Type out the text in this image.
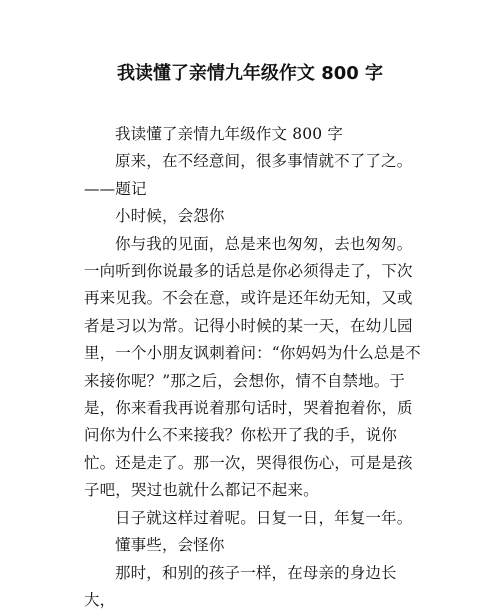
我读懂了亲情九年级作文 800 字

我读懂了亲情九年级作文 800 字

原来，在不经意间，很多事情就不了了之。——题记

小时候，会怨你

你与我的见面，总是来也匆匆，去也匆匆。一向听到你说最多的话总是你必须得走了，下次再来见我。不会在意，或许是还年幼无知，又或者是习以为常。记得小时候的某一天，在幼儿园里，一个小朋友讽刺着问：“你妈妈为什么总是不来接你呢？”那之后，会想你，情不自禁地。于是，你来看我再说着那句话时，哭着抱着你，质问你为什么不来接我？你松开了我的手，说你忙。还是走了。那一次，哭得很伤心，可是是孩子吧，哭过也就什么都记不起来。

日子就这样过着呢。日复一日，年复一年。

懂事些，会怪你

那时，和别的孩子一样，在母亲的身边长大，
